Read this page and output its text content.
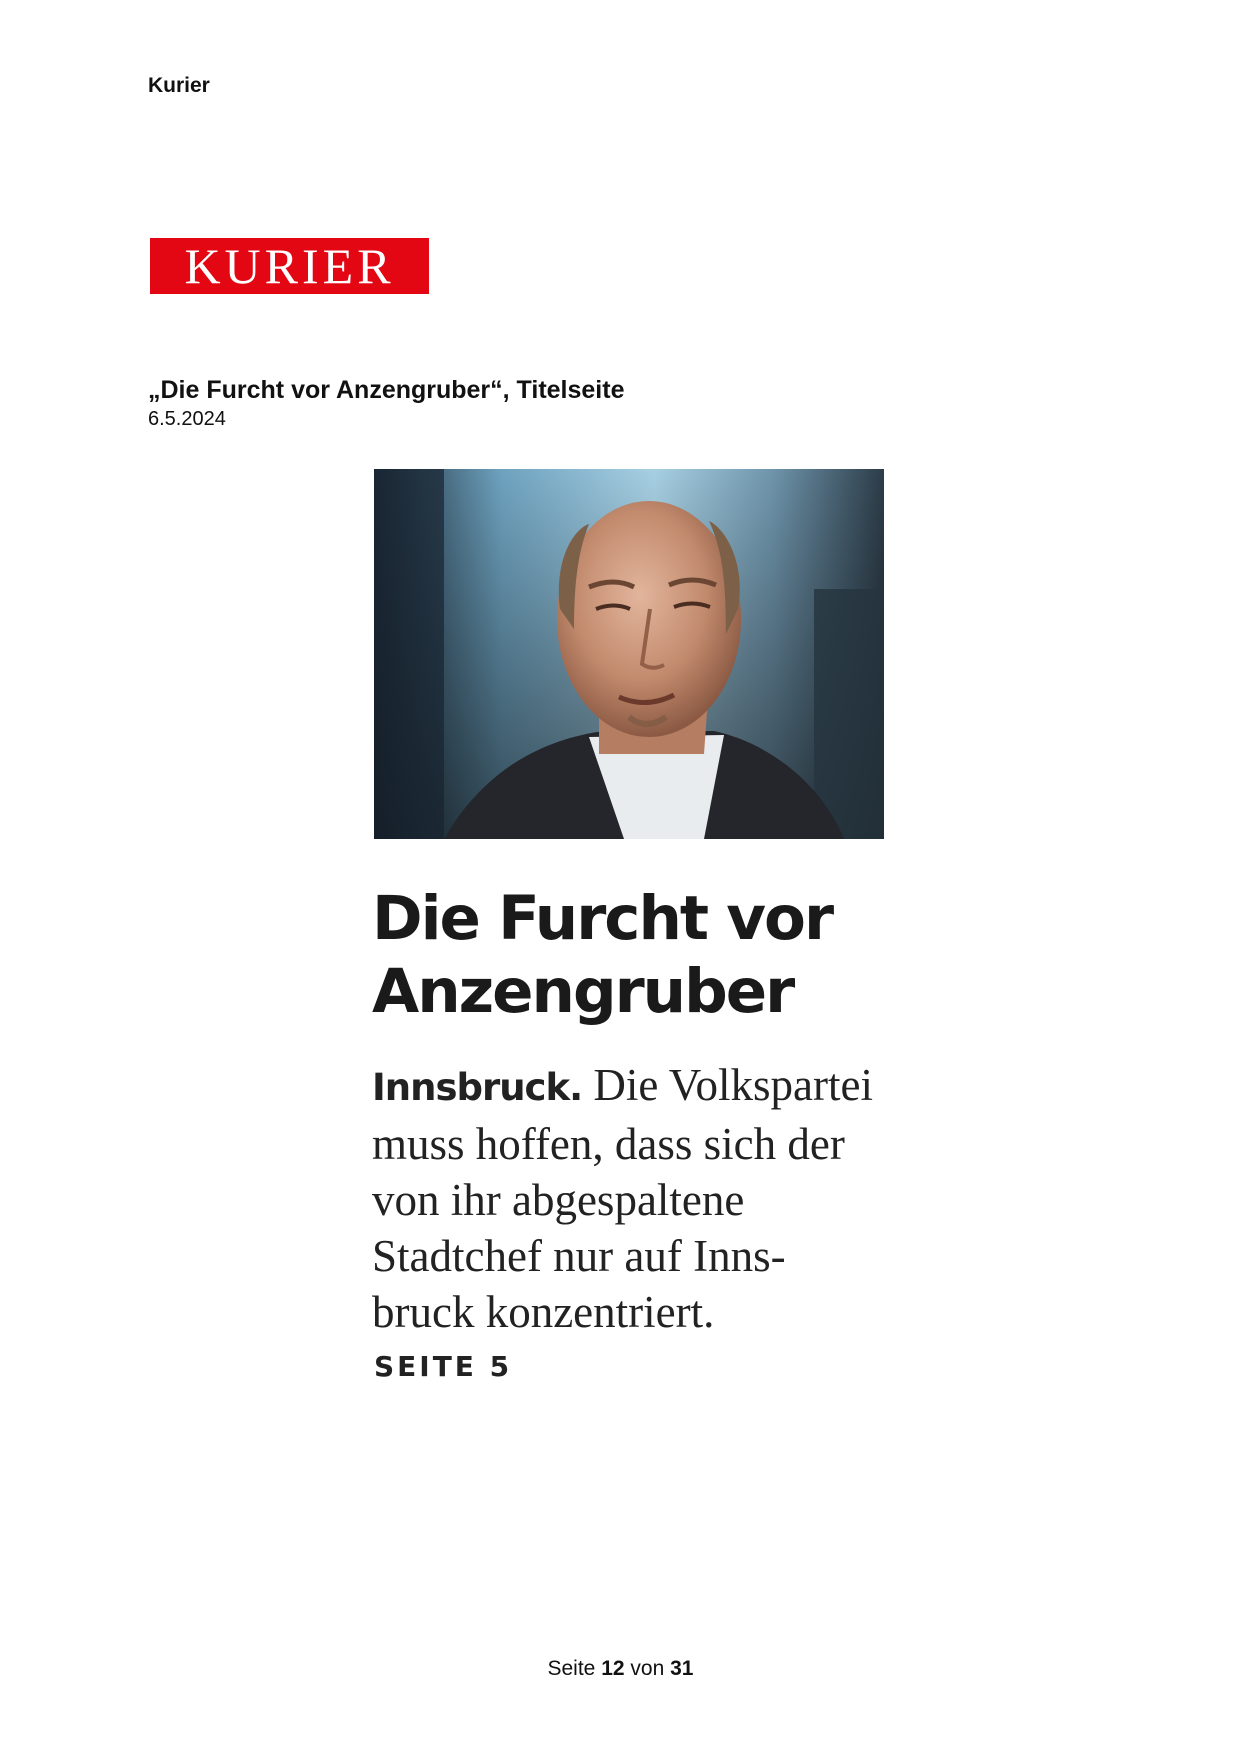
Kurier
KURIER
„Die Furcht vor Anzengruber“, Titelseite
6.5.2024
Die Furcht vor
Anzengruber
Innsbruck. Die Volkspartei
muss hoffen, dass sich der
von ihr abgespaltene
Stadtchef nur auf Inns-
bruck konzentriert.
SEITE 5
Seite 12 von 31
